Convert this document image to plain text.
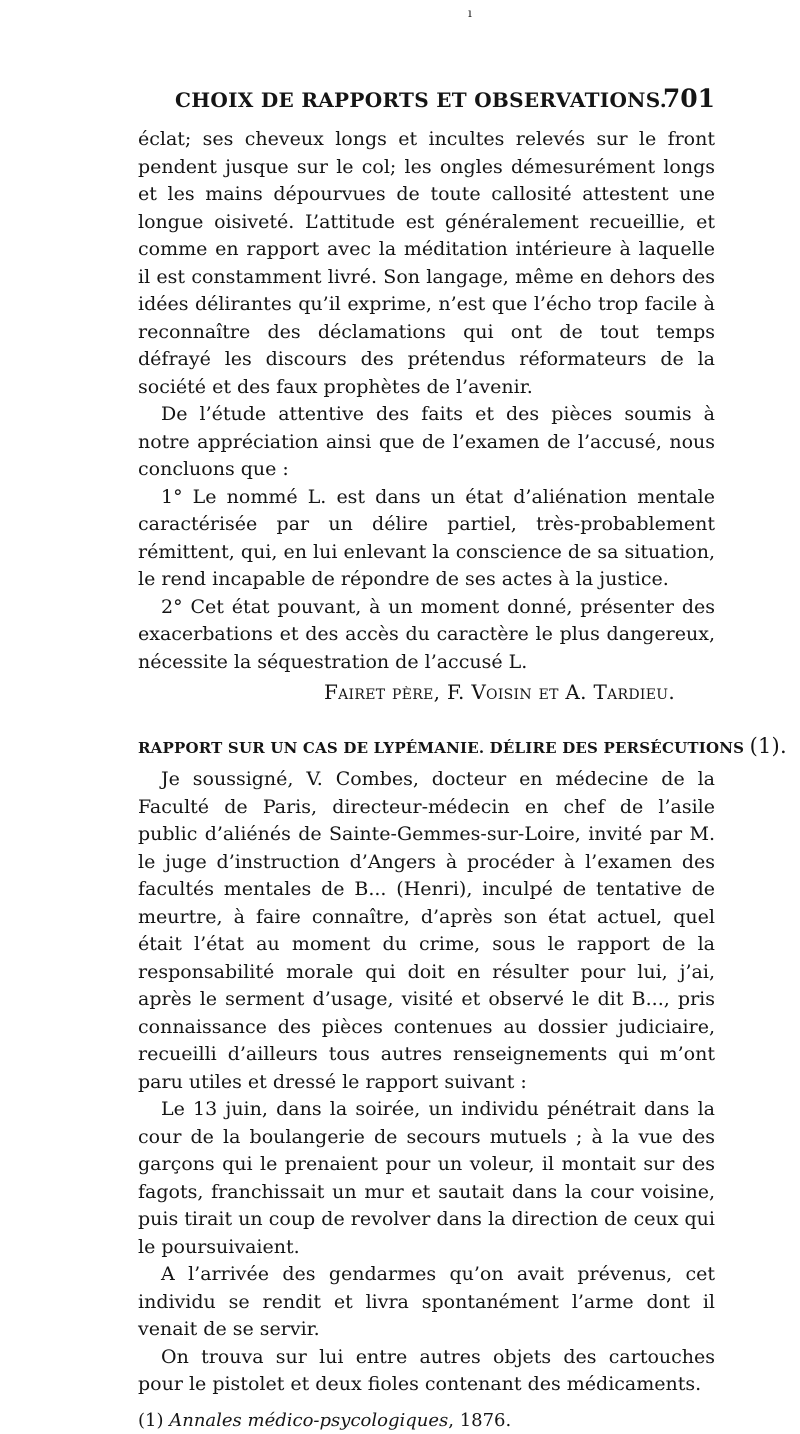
ı
CHOIX DE RAPPORTS ET OBSERVATIONS.
701

éclat; ses cheveux longs et incultes relevés sur le front pendent jusque sur le col; les ongles démesurément longs et les mains dépourvues de toute callosité attestent une longue oisiveté. L’attitude est généralement recueillie, et comme en rapport avec la méditation intérieure à laquelle il est constamment livré. Son langage, même en dehors des idées délirantes qu’il exprime, n’est que l’écho trop facile à reconnaître des déclamations qui ont de tout temps défrayé les discours des prétendus réformateurs de la société et des faux prophètes de l’avenir.

De l’étude attentive des faits et des pièces soumis à notre appréciation ainsi que de l’examen de l’accusé, nous concluons que :

1° Le nommé L. est dans un état d’aliénation mentale caractérisée par un délire partiel, très-probablement rémittent, qui, en lui enlevant la conscience de sa situation, le rend incapable de répondre de ses actes à la justice.

2° Cet état pouvant, à un moment donné, présenter des exacerbations et des accès du caractère le plus dangereux, nécessite la séquestration de l’accusé L.

Fairet père, F. Voisin et A. Tardieu.

RAPPORT SUR UN CAS DE LYPÉMANIE. DÉLIRE DES PERSÉCUTIONS (1).

Je soussigné, V. Combes, docteur en médecine de la Faculté de Paris, directeur-médecin en chef de l’asile public d’aliénés de Sainte-Gemmes-sur-Loire, invité par M. le juge d’instruction d’Angers à procéder à l’examen des facultés mentales de B... (Henri), inculpé de tentative de meurtre, à faire connaître, d’après son état actuel, quel était l’état au moment du crime, sous le rapport de la responsabilité morale qui doit en résulter pour lui, j’ai, après le serment d’usage, visité et observé le dit B..., pris connaissance des pièces contenues au dossier judiciaire, recueilli d’ailleurs tous autres renseignements qui m’ont paru utiles et dressé le rapport suivant :

Le 13 juin, dans la soirée, un individu pénétrait dans la cour de la boulangerie de secours mutuels ; à la vue des garçons qui le prenaient pour un voleur, il montait sur des fagots, franchissait un mur et sautait dans la cour voisine, puis tirait un coup de revolver dans la direction de ceux qui le poursuivaient.

A l’arrivée des gendarmes qu’on avait prévenus, cet individu se rendit et livra spontanément l’arme dont il venait de se servir.

On trouva sur lui entre autres objets des cartouches pour le pistolet et deux fioles contenant des médicaments.

(1) Annales médico-psycologiques, 1876.
